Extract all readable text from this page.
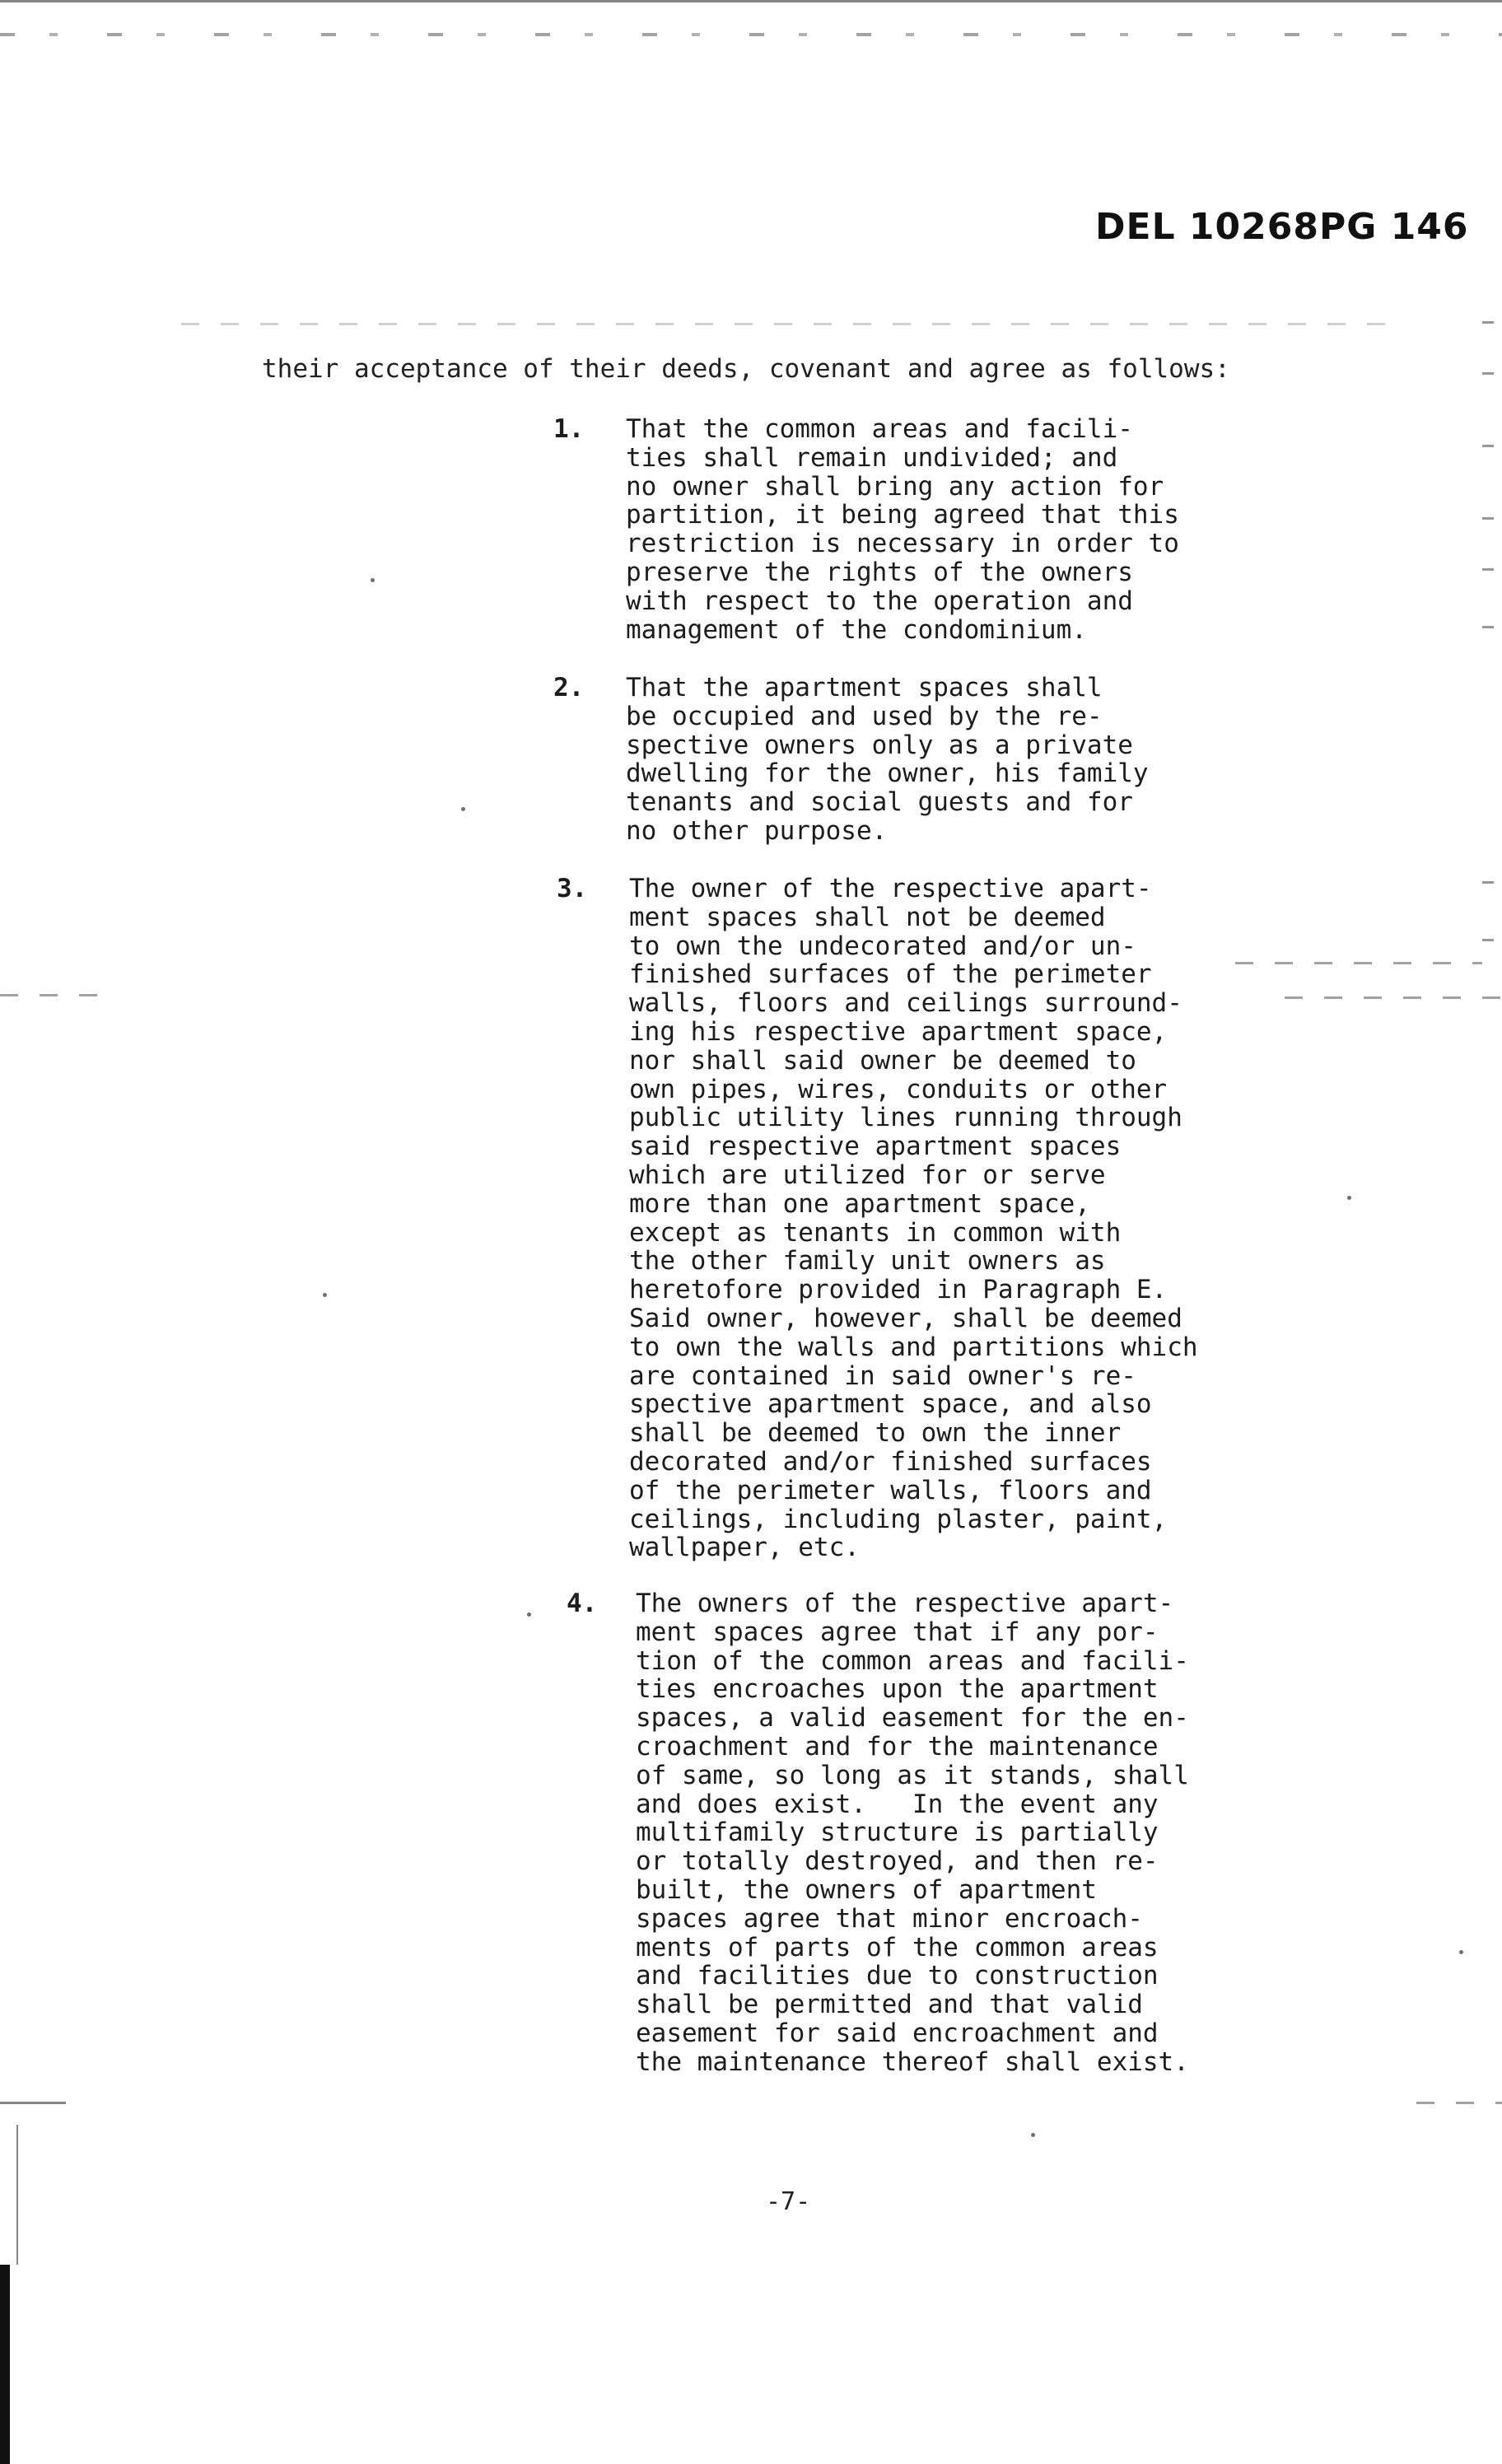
DEL 10268PG 146
their acceptance of their deeds, covenant and agree as follows:
1. That the common areas and facili-
ties shall remain undivided; and
no owner shall bring any action for
partition, it being agreed that this
restriction is necessary in order to
preserve the rights of the owners
with respect to the operation and
management of the condominium.
2. That the apartment spaces shall
be occupied and used by the re-
spective owners only as a private
dwelling for the owner, his family
tenants and social guests and for
no other purpose.
3. The owner of the respective apart-
ment spaces shall not be deemed
to own the undecorated and/or un-
finished surfaces of the perimeter
walls, floors and ceilings surround-
ing his respective apartment space,
nor shall said owner be deemed to
own pipes, wires, conduits or other
public utility lines running through
said respective apartment spaces
which are utilized for or serve
more than one apartment space,
except as tenants in common with
the other family unit owners as
heretofore provided in Paragraph E.
Said owner, however, shall be deemed
to own the walls and partitions which
are contained in said owner's re-
spective apartment space, and also
shall be deemed to own the inner
decorated and/or finished surfaces
of the perimeter walls, floors and
ceilings, including plaster, paint,
wallpaper, etc.
4. The owners of the respective apart-
ment spaces agree that if any por-
tion of the common areas and facili-
ties encroaches upon the apartment
spaces, a valid easement for the en-
croachment and for the maintenance
of same, so long as it stands, shall
and does exist.   In the event any
multifamily structure is partially
or totally destroyed, and then re-
built, the owners of apartment
spaces agree that minor encroach-
ments of parts of the common areas
and facilities due to construction
shall be permitted and that valid
easement for said encroachment and
the maintenance thereof shall exist.
-7-
